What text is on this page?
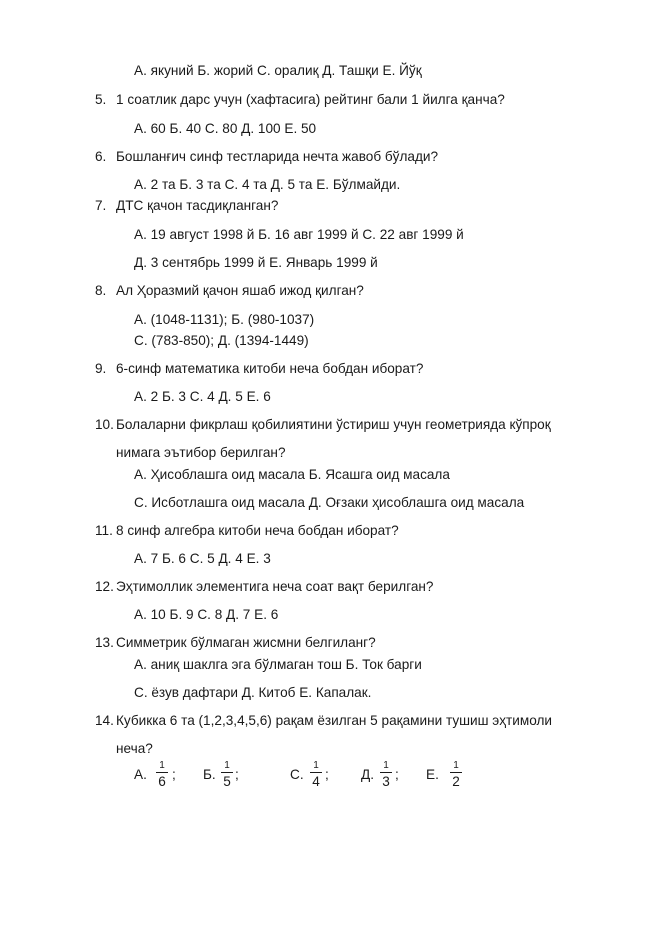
А. якуний Б. жорий С. оралиқ Д. Ташқи Е. Йўқ
5. 1 соатлик дарс учун (хафтасига) рейтинг бали 1 йилга қанча?
А. 60 Б. 40 С. 80 Д. 100 Е. 50
6. Бошланғич синф тестларида нечта жавоб бўлади?
А. 2 та Б. 3 та С. 4 та Д. 5 та Е. Бўлмайди.
7. ДТС қачон тасдиқланган?
А. 19 август 1998 й Б. 16 авг 1999 й С. 22 авг 1999 й
Д. 3 сентябрь 1999 й Е. Январь 1999 й
8. Ал Ҳоразмий қачон яшаб ижод қилган?
А. (1048-1131); Б. (980-1037)
С. (783-850); Д. (1394-1449)
9. 6-синф математика китоби неча бобдан иборат?
А. 2 Б. 3 С. 4 Д. 5 Е. 6
10. Болаларни фикрлаш қобилиятини ўстириш учун геометрияда кўпроқ
нимага эътибор берилган?
А. Ҳисоблашга оид масала Б. Ясашга оид масала
С. Исботлашга оид масала Д. Оғзаки ҳисоблашга оид масала
11. 8 синф алгебра китоби неча бобдан иборат?
А. 7 Б. 6 С. 5 Д. 4 Е. 3
12. Эҳтимоллик элементига неча соат вақт берилган?
А. 10 Б. 9 С. 8 Д. 7 Е. 6
13. Симметрик бўлмаган жисмни белгиланг?
А. аниқ шаклга эга бўлмаган тош Б. Ток барги
С. ёзув дафтари Д. Китоб Е. Капалак.
14. Кубикка 6 та (1,2,3,4,5,6) рақам ёзилган 5 рақамини тушиш эҳтимоли
неча?
А.
1
6 ; Б.
1
5 ;	С.
1
4 ; Д.
1
3 ; Е.
1
2
